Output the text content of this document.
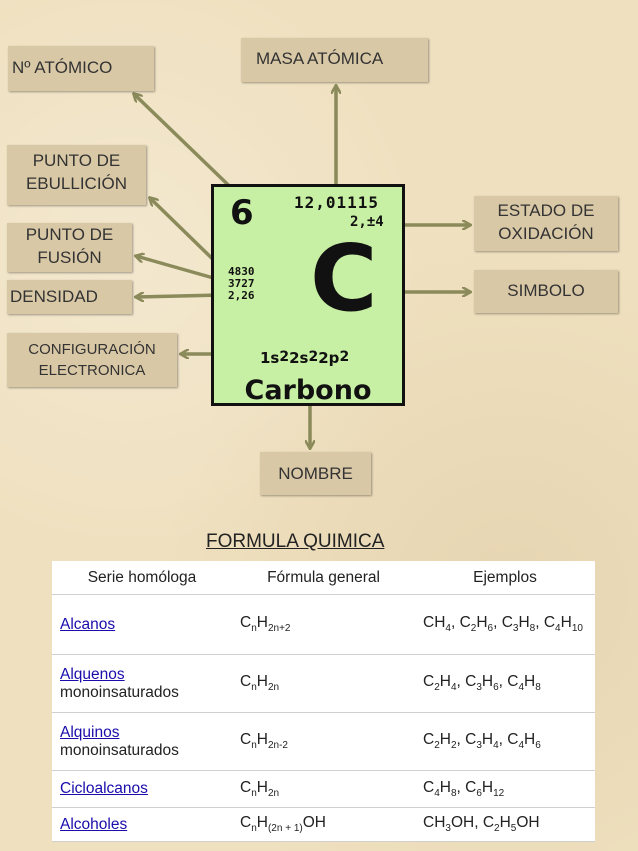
Nº ATÓMICO	MASA ATÓMICA
PUNTO DE
EBULLICIÓN
PUNTO DE
FUSIÓN
DENSIDAD
CONFIGURACIÓN
ELECTRONICA
ESTADO DE
OXIDACIÓN
SIMBOLO
NOMBRE
6	12,01115
2,±4
4830
3727
2,26 C
$1s^22s^22p^2$
Carbono
FORMULA QUIMICA
Serie homóloga	Fórmula general	Ejemplos
Alcanos	$C_nH_{2n+2}$	$CH_4$, $C_2H_6$, $C_3H_8$, $C_4H_{10}$
Alquenos monoinsaturados	$C_nH_{2n}$	$C_2H_4$, $C_3H_6$, $C_4H_8$
Alquinos monoinsaturados	$C_nH_{2n-2}$	$C_2H_2$, $C_3H_4$, $C_4H_6$
Cicloalcanos	$C_nH_{2n}$	$C_4H_8$, $C_6H_{12}$
Alcoholes	$C_nH_{(2n + 1)}OH$	$CH_3OH$, $C_2H_5OH$
